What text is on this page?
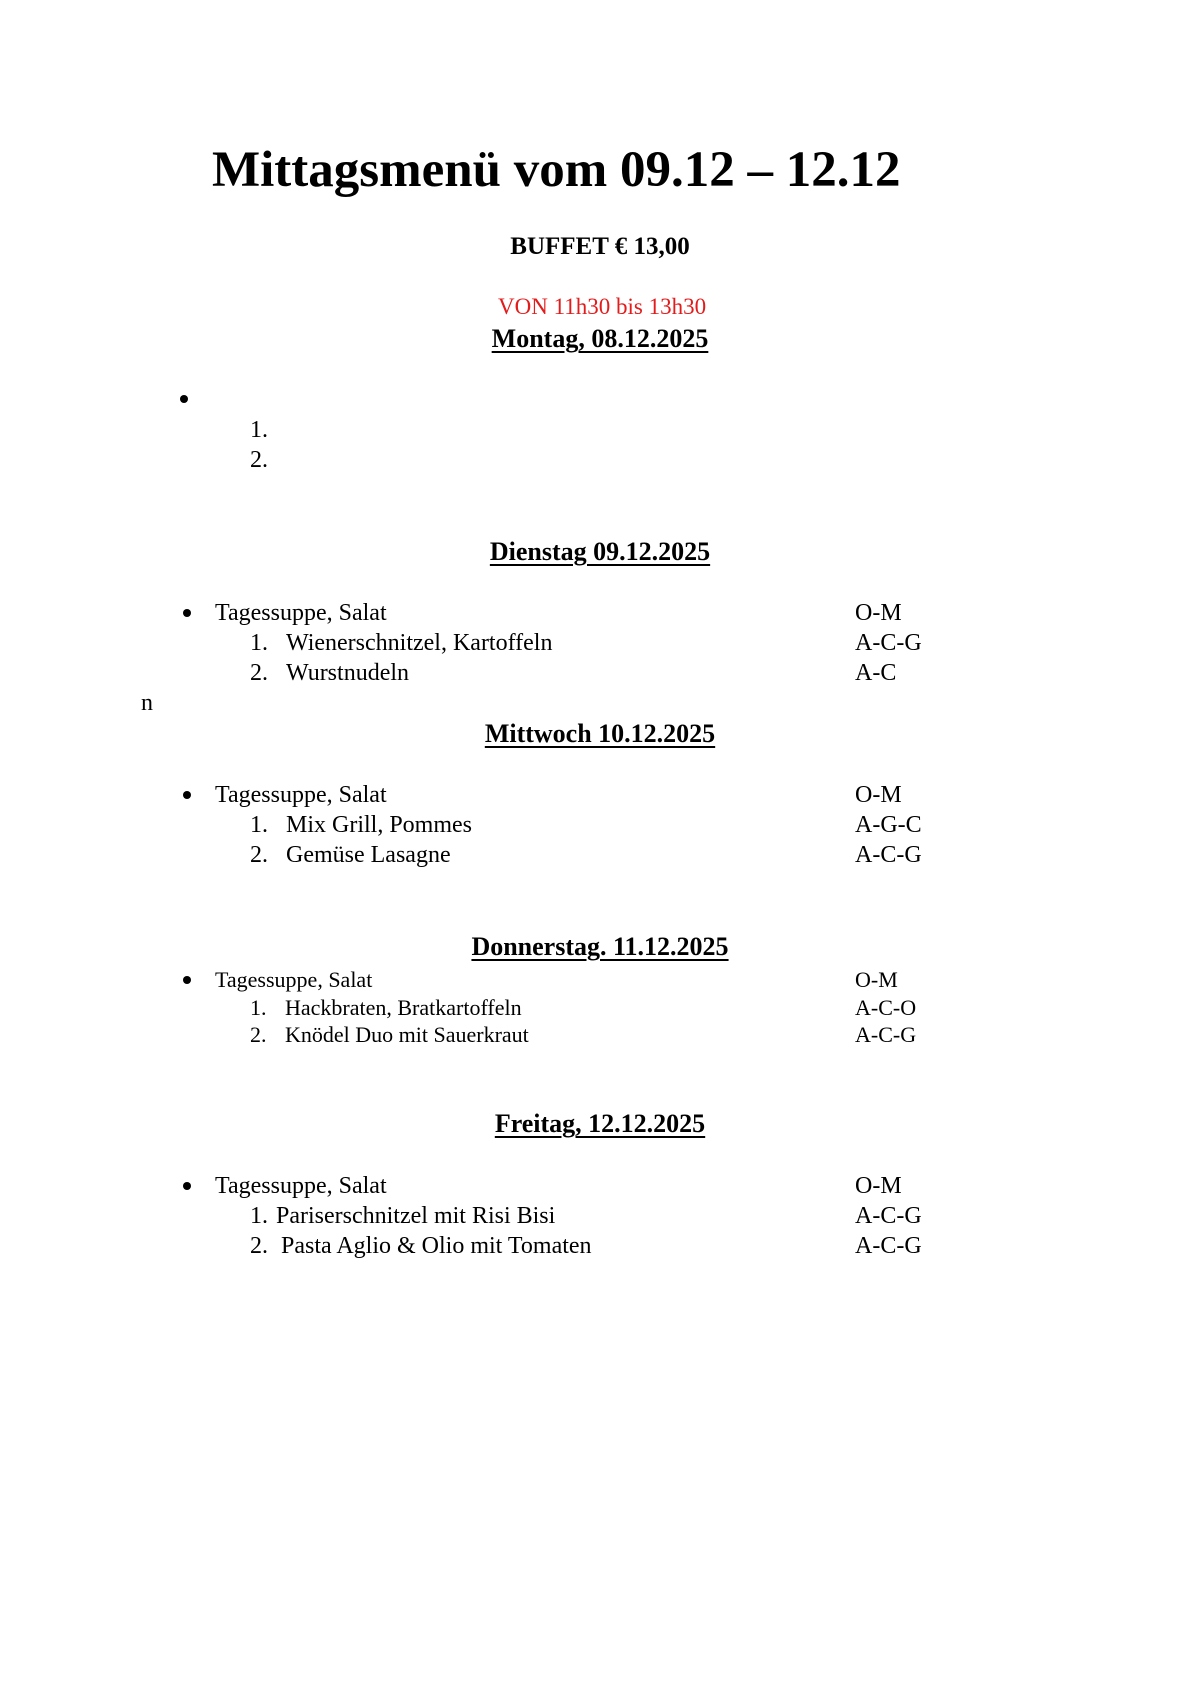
Mittagsmenü vom 09.12 – 12.12
BUFFET € 13,00
VON 11h30 bis 13h30
Montag, 08.12.2025
1.
2.
Dienstag 09.12.2025
Tagessuppe, Salat	O-M
1. Wienerschnitzel, Kartoffeln	A-C-G
2. Wurstnudeln	A-C
n
Mittwoch 10.12.2025
Tagessuppe, Salat	O-M
1. Mix Grill, Pommes	A-G-C
2. Gemüse Lasagne	A-C-G
Donnerstag. 11.12.2025
Tagessuppe, Salat	O-M
1. Hackbraten, Bratkartoffeln	A-C-O
2. Knödel Duo mit Sauerkraut	A-C-G
Freitag, 12.12.2025
Tagessuppe, Salat	O-M
1. Pariserschnitzel mit Risi Bisi	A-C-G
2. Pasta Aglio & Olio mit Tomaten	A-C-G
